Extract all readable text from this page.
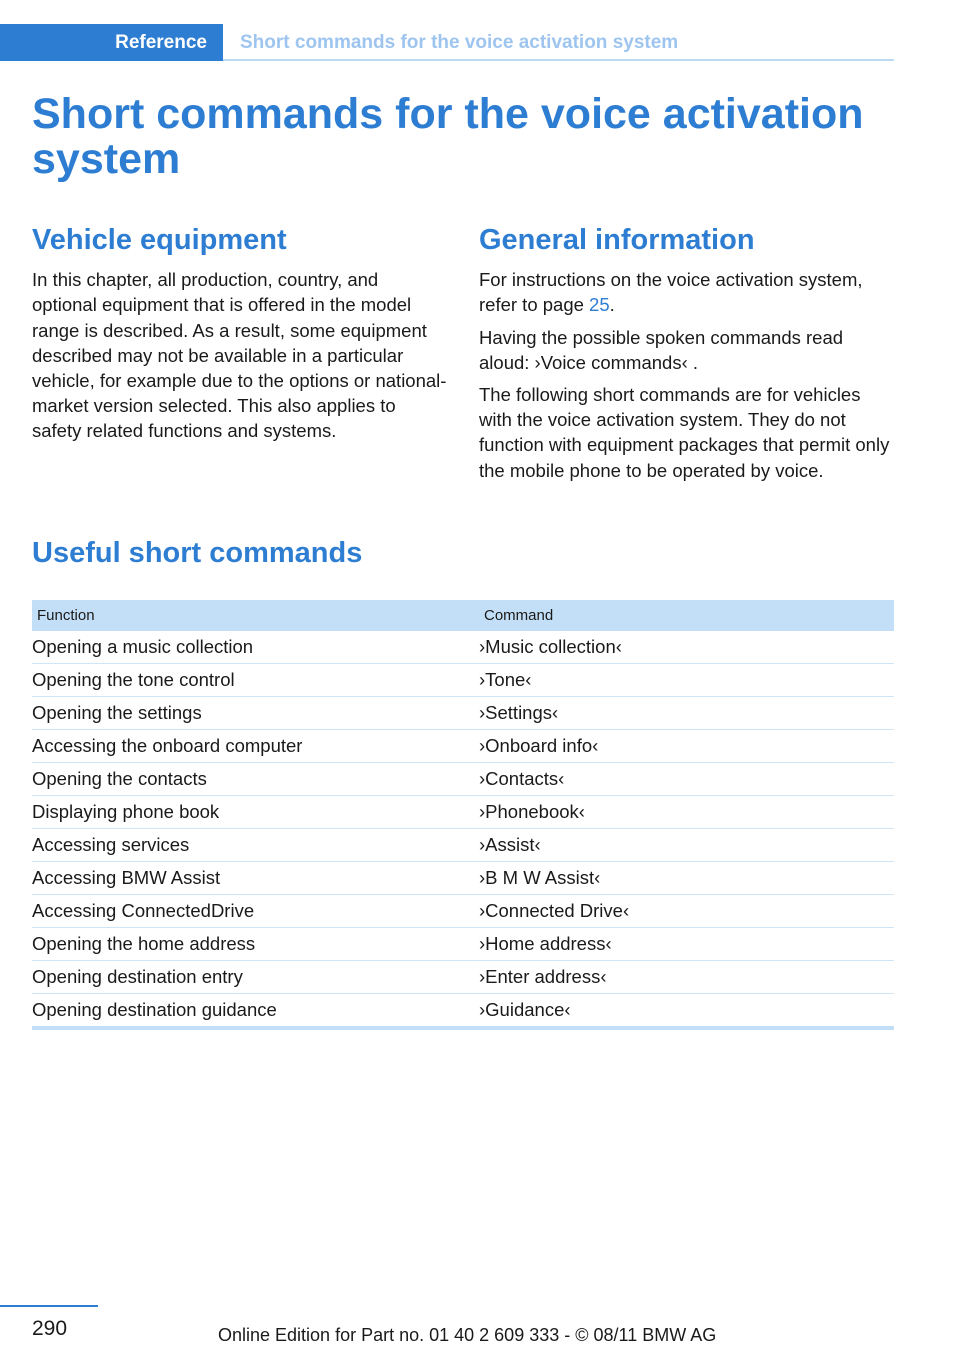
Reference	Short commands for the voice activation system
Short commands for the voice activation system
Vehicle equipment

In this chapter, all production, country, and optional equipment that is offered in the model range is described. As a result, some equipment described may not be available in a particular vehicle, for example due to the options or national-market version selected. This also applies to safety related functions and systems.

General information

For instructions on the voice activation system, refer to page 25.

Having the possible spoken commands read aloud: ›Voice commands‹ .

The following short commands are for vehicles with the voice activation system. They do not function with equipment packages that permit only the mobile phone to be operated by voice.

Useful short commands
Function	Command
Opening a music collection	›Music collection‹
Opening the tone control	›Tone‹
Opening the settings	›Settings‹
Accessing the onboard computer	›Onboard info‹
Opening the contacts	›Contacts‹
Displaying phone book	›Phonebook‹
Accessing services	›Assist‹
Accessing BMW Assist	›B M W Assist‹
Accessing ConnectedDrive	›Connected Drive‹
Opening the home address	›Home address‹
Opening destination entry	›Enter address‹
Opening destination guidance	›Guidance‹
290	Online Edition for Part no. 01 40 2 609 333 - © 08/11 BMW AG
